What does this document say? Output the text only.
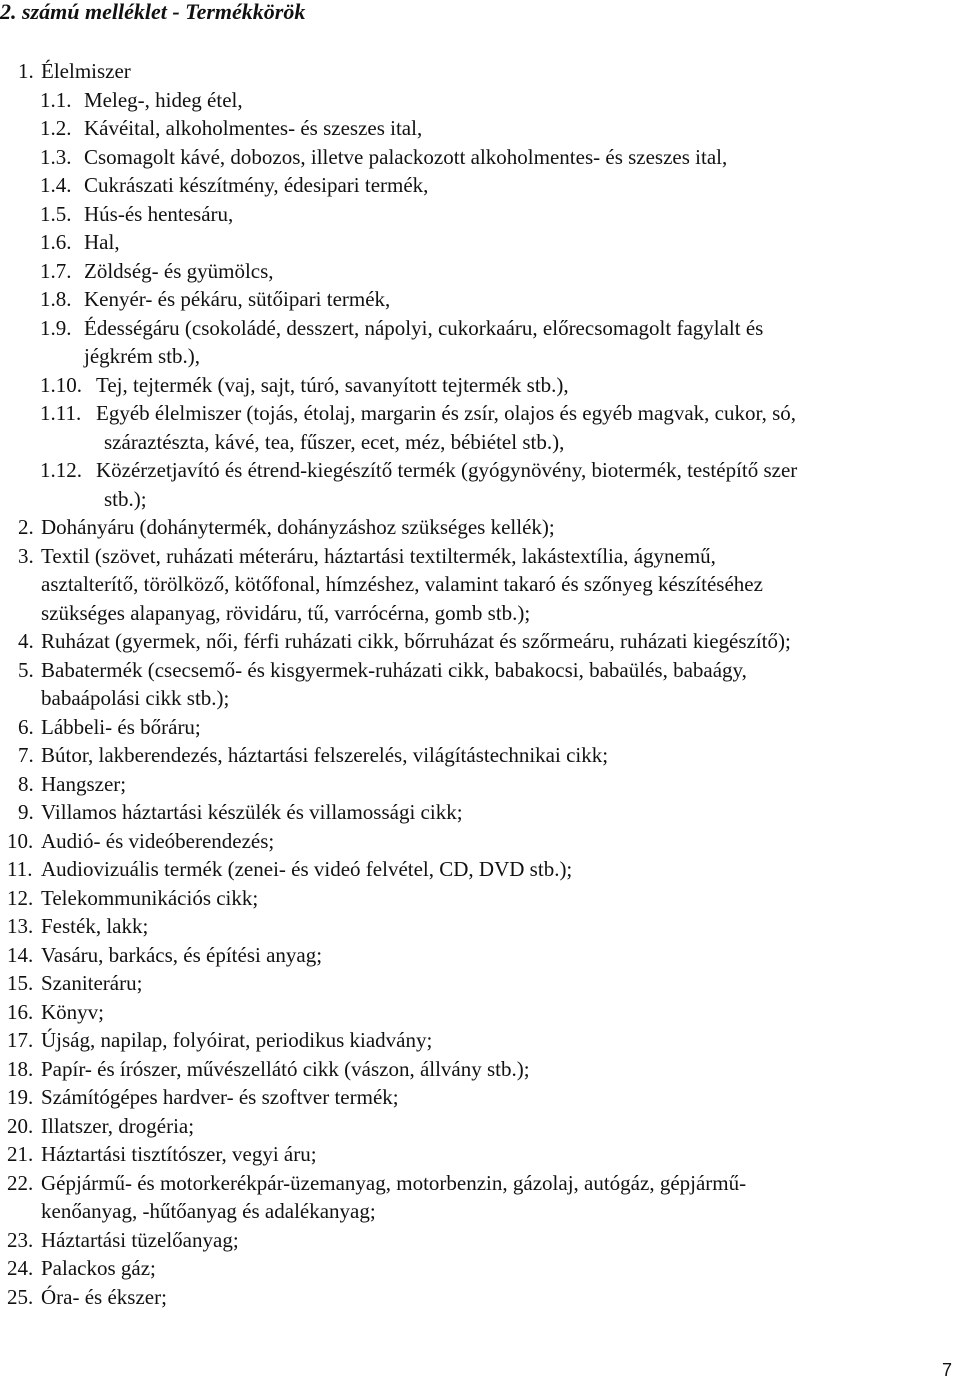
2. számú melléklet - Termékkörök
1. Élelmiszer
1.1. Meleg-, hideg étel,
1.2. Kávéital, alkoholmentes- és szeszes ital,
1.3. Csomagolt kávé, dobozos, illetve palackozott alkoholmentes- és szeszes ital,
1.4. Cukrászati készítmény, édesipari termék,
1.5. Hús-és hentesáru,
1.6. Hal,
1.7. Zöldség- és gyümölcs,
1.8. Kenyér- és pékáru, sütőipari termék,
1.9. Édességáru (csokoládé, desszert, nápolyi, cukorkaáru, előrecsomagolt fagylalt és
jégkrém stb.),
1.10. Tej, tejtermék (vaj, sajt, túró, savanyított tejtermék stb.),
1.11. Egyéb élelmiszer (tojás, étolaj, margarin és zsír, olajos és egyéb magvak, cukor, só,
száraztészta, kávé, tea, fűszer, ecet, méz, bébiétel stb.),
1.12. Közérzetjavító és étrend-kiegészítő termék (gyógynövény, biotermék, testépítő szer
stb.);
2. Dohányáru (dohánytermék, dohányzáshoz szükséges kellék);
3. Textil (szövet, ruházati méteráru, háztartási textiltermék, lakástextília, ágynemű,
asztalterítő, törölköző, kötőfonal, hímzéshez, valamint takaró és szőnyeg készítéséhez
szükséges alapanyag, rövidáru, tű, varrócérna, gomb stb.);
4. Ruházat (gyermek, női, férfi ruházati cikk, bőrruházat és szőrmeáru, ruházati kiegészítő);
5. Babatermék (csecsemő- és kisgyermek-ruházati cikk, babakocsi, babaülés, babaágy,
babaápolási cikk stb.);
6. Lábbeli- és bőráru;
7. Bútor, lakberendezés, háztartási felszerelés, világítástechnikai cikk;
8. Hangszer;
9. Villamos háztartási készülék és villamossági cikk;
10. Audió- és videóberendezés;
11. Audiovizuális termék (zenei- és videó felvétel, CD, DVD stb.);
12. Telekommunikációs cikk;
13. Festék, lakk;
14. Vasáru, barkács, és építési anyag;
15. Szaniteráru;
16. Könyv;
17. Újság, napilap, folyóirat, periodikus kiadvány;
18. Papír- és írószer, művészellátó cikk (vászon, állvány stb.);
19. Számítógépes hardver- és szoftver termék;
20. Illatszer, drogéria;
21. Háztartási tisztítószer, vegyi áru;
22. Gépjármű- és motorkerékpár-üzemanyag, motorbenzin, gázolaj, autógáz, gépjármű-
kenőanyag, -hűtőanyag és adalékanyag;
23. Háztartási tüzelőanyag;
24. Palackos gáz;
25. Óra- és ékszer;
7
